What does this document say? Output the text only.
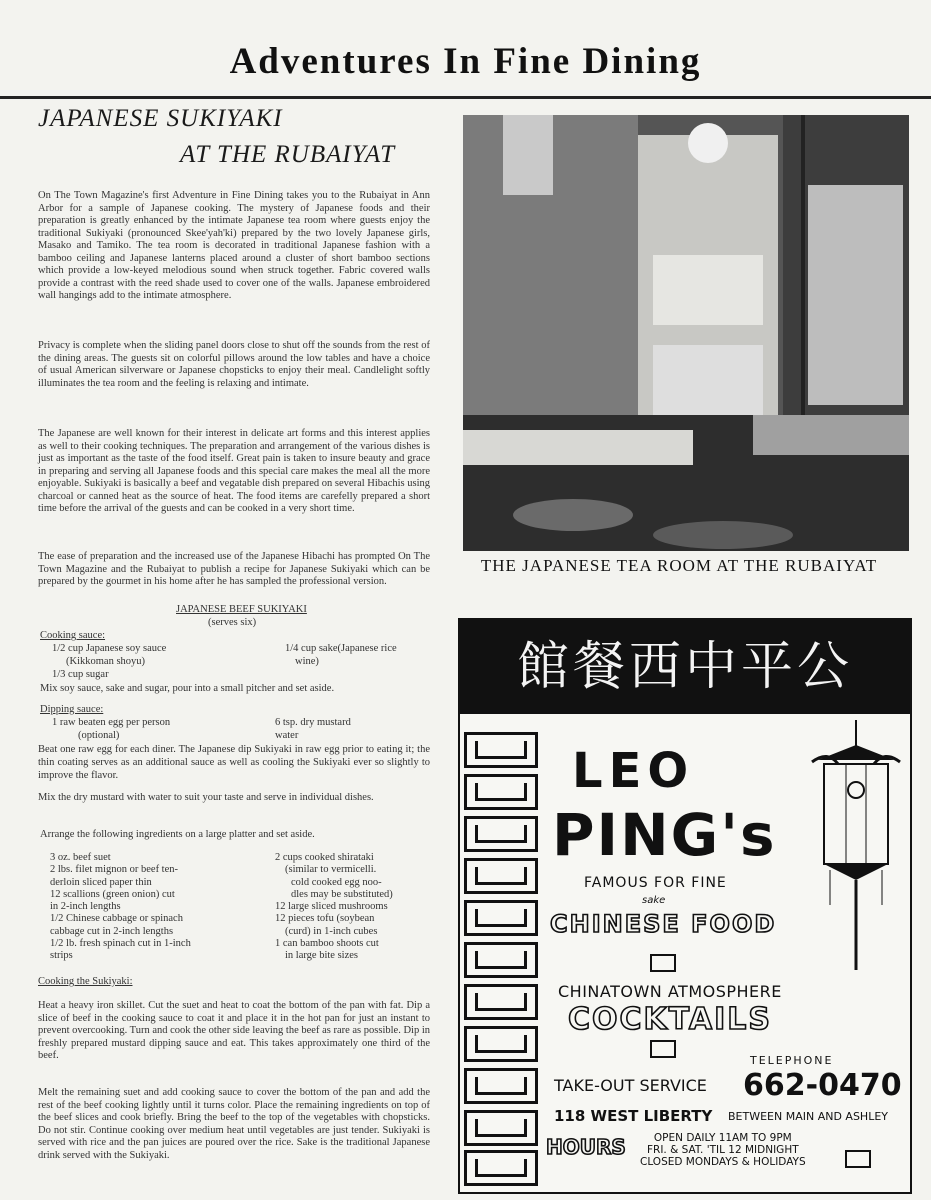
Adventures In Fine Dining
JAPANESE SUKIYAKI
AT THE RUBAIYAT
On The Town Magazine's first Adventure in Fine Dining takes you to the Rubaiyat in Ann Arbor for a sample of Japanese cooking. The mystery of Japanese foods and their preparation is greatly enhanced by the intimate Japanese tea room where guests enjoy the traditional Sukiyaki (pronounced Skee'yah'ki) prepared by the two lovely Japanese girls, Masako and Tamiko. The tea room is decorated in traditional Japanese fashion with a bamboo ceiling and Japanese lanterns placed around a cluster of short bamboo sections which provide a low-keyed melodious sound when struck together. Fabric covered walls provide a contrast with the reed shade used to cover one of the walls. Japanese embroidered wall hangings add to the intimate atmosphere.
Privacy is complete when the sliding panel doors close to shut off the sounds from the rest of the dining areas. The guests sit on colorful pillows around the low tables and have a choice of usual American silverware or Japanese chopsticks to enjoy their meal. Candlelight softly illuminates the tea room and the feeling is relaxing and intimate.
The Japanese are well known for their interest in delicate art forms and this interest applies as well to their cooking techniques. The preparation and arrangement of the various dishes is just as important as the taste of the food itself. Great pain is taken to insure beauty and grace in preparing and serving all Japanese foods and this special care makes the meal all the more enjoyable. Sukiyaki is basically a beef and vegatable dish prepared on several Hibachis using charcoal or canned heat as the source of heat. The food items are carefelly prepared a short time before the arrival of the guests and can be cooked in a very short time.
The ease of preparation and the increased use of the Japanese Hibachi has prompted On The Town Magazine and the Rubaiyat to publish a recipe for Japanese Sukiyaki which can be prepared by the gourmet in his home after he has sampled the professional version.
JAPANESE BEEF SUKIYAKI
(serves six)
Cooking sauce:
1/2 cup Japanese soy sauce
(Kikkoman shoyu)
1/3 cup sugar
1/4 cup sake(Japanese rice
wine)
Mix soy sauce, sake and sugar, pour into a small pitcher and set aside.
Dipping sauce:
1 raw beaten egg per person
(optional)
6 tsp. dry mustard
water
Beat one raw egg for each diner. The Japanese dip Sukiyaki in raw egg prior to eating it; the thin coating serves as an additional sauce as well as cooling the Sukiyaki ever so slightly to improve the flavor.
Mix the dry mustard with water to suit your taste and serve in individual dishes.
Arrange the following ingredients on a large platter and set aside.
3 oz. beef suet
2 lbs. filet mignon or beef ten-
derloin sliced paper thin
12 scallions (green onion) cut
in 2-inch lengths
1/2 Chinese cabbage or spinach
cabbage cut in 2-inch lengths
1/2 lb. fresh spinach cut in 1-inch
strips
2 cups cooked shirataki
(similar to vermicelli.
cold cooked egg noo-
dles may be substituted)
12 large sliced mushrooms
12 pieces tofu (soybean
(curd) in 1-inch cubes
1 can bamboo shoots cut
in large bite sizes
Cooking the Sukiyaki:
Heat a heavy iron skillet. Cut the suet and heat to coat the bottom of the pan with fat. Dip a slice of beef in the cooking sauce to coat it and place it in the hot pan for just an instant to prevent overcooking. Turn and cook the other side leaving the beef as rare as possible. Dip in freshly prepared mustard dipping sauce and eat. This takes approximately one third of the beef.
Melt the remaining suet and add cooking sauce to cover the bottom of the pan and add the rest of the beef cooking lightly until it turns color. Place the remaining ingredients on top of the beef slices and cook briefly. Bring the beef to the top of the vegetables with chopsticks. Do not stir. Continue cooking over medium heat until vegetables are just tender. Sukiyaki is served with rice and the pan juices are poured over the rice. Sake is the traditional Japanese drink served with the Sukiyaki.
THE JAPANESE TEA ROOM AT THE RUBAIYAT
館餐西中平公
LEO
PING's
FAMOUS FOR FINE
sake
CHINESE FOOD
CHINATOWN ATMOSPHERE
COCKTAILS
TELEPHONE
TAKE-OUT SERVICE 662-0470
118 WEST LIBERTY BETWEEN MAIN AND ASHLEY
HOURS	OPEN DAILY 11AM TO 9PM
FRI. & SAT. 'TIL 12 MIDNIGHT
CLOSED MONDAYS & HOLIDAYS
